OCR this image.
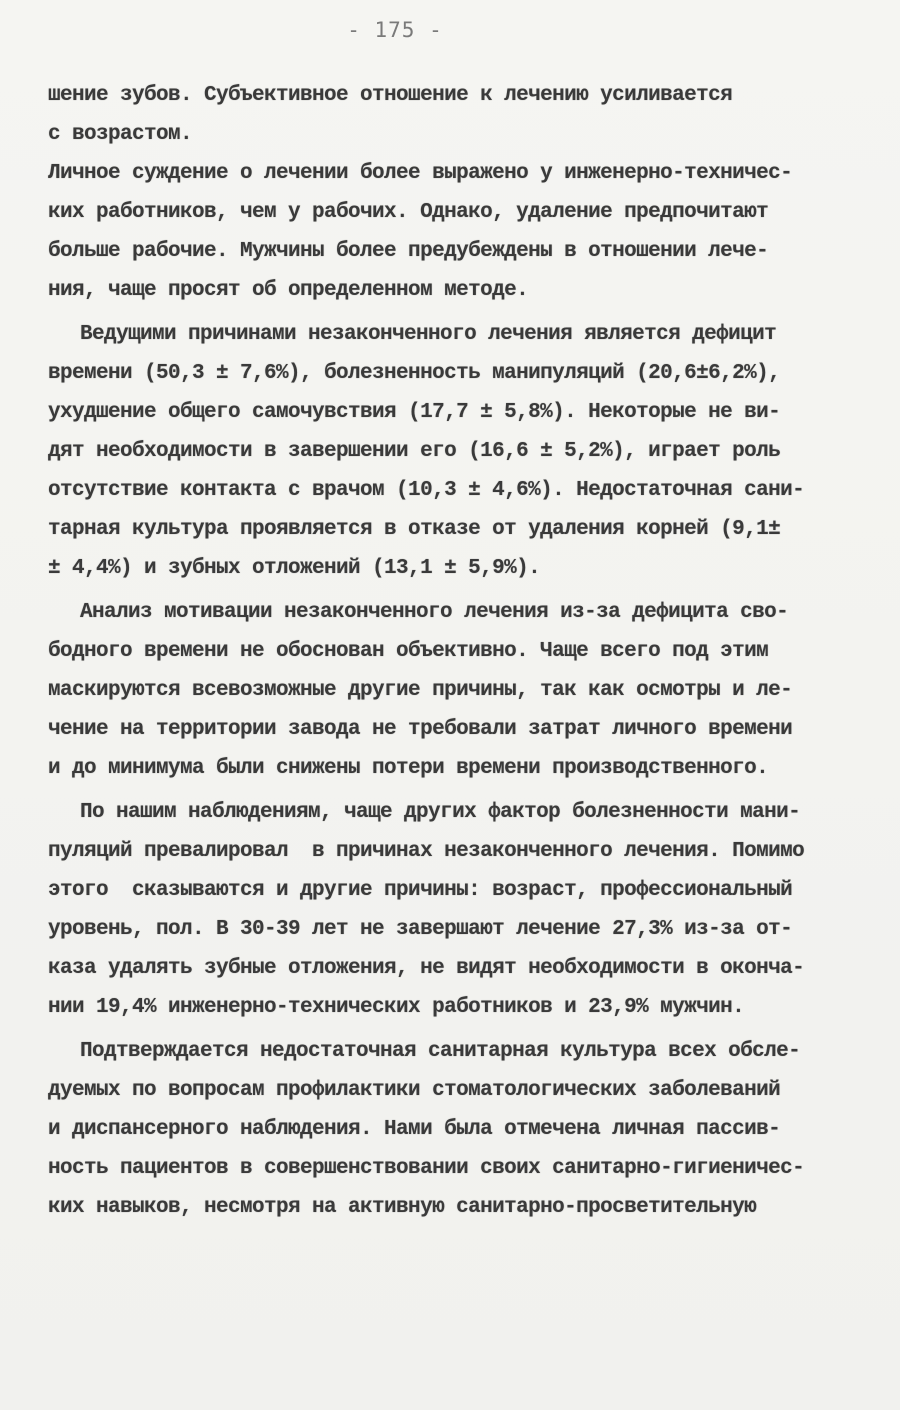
- 175 -
шение зубов. Субъективное отношение к лечению усиливается
с возрастом.
Личное суждение о лечении более выражено у инженерно-техничес-
ких работников, чем у рабочих. Однако, удаление предпочитают
больше рабочие. Мужчины более предубеждены в отношении лече-
ния, чаще просят об определенном методе.
Ведущими причинами незаконченного лечения является дефицит
времени (50,3 ± 7,6%), болезненность манипуляций (20,6±6,2%),
ухудшение общего самочувствия (17,7 ± 5,8%). Некоторые не ви-
дят необходимости в завершении его (16,6 ± 5,2%), играет роль
отсутствие контакта с врачом (10,3 ± 4,6%). Недостаточная сани-
тарная культура проявляется в отказе от удаления корней (9,1±
± 4,4%) и зубных отложений (13,1 ± 5,9%).
Анализ мотивации незаконченного лечения из-за дефицита сво-
бодного времени не обоснован объективно. Чаще всего под этим
маскируются всевозможные другие причины, так как осмотры и ле-
чение на территории завода не требовали затрат личного времени
и до минимума были снижены потери времени производственного.
По нашим наблюдениям, чаще других фактор болезненности мани-
пуляций превалировал  в причинах незаконченного лечения. Помимо
этого  сказываются и другие причины: возраст, профессиональный
уровень, пол. В 30-39 лет не завершают лечение 27,3% из-за от-
каза удалять зубные отложения, не видят необходимости в оконча-
нии 19,4% инженерно-технических работников и 23,9% мужчин.
Подтверждается недостаточная санитарная культура всех обсле-
дуемых по вопросам профилактики стоматологических заболеваний
и диспансерного наблюдения. Нами была отмечена личная пассив-
ность пациентов в совершенствовании своих санитарно-гигиеничес-
ких навыков, несмотря на активную санитарно-просветительную
